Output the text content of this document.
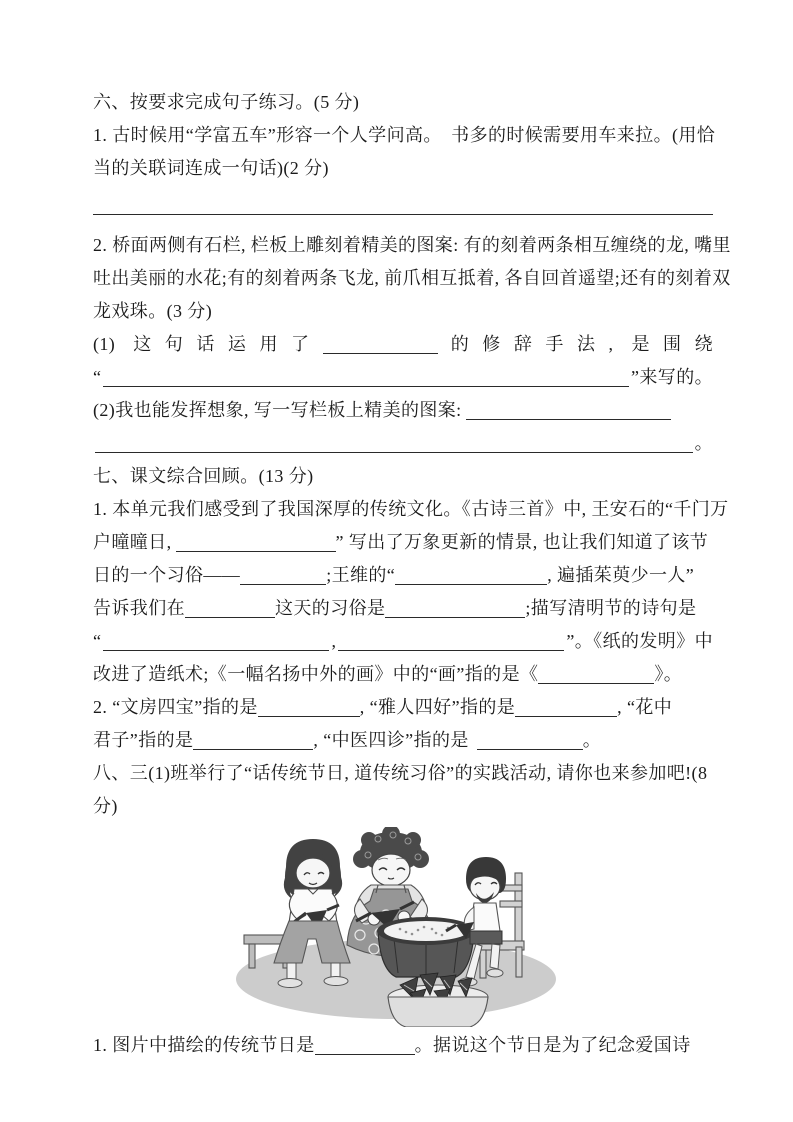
六、按要求完成句子练习。(5 分)
1. 古时候用“学富五车”形容一个人学问高。　书多的时候需要用车来拉。(用恰
当的关联词连成一句话)(2 分)
2. 桥面两侧有石栏, 栏板上雕刻着精美的图案: 有的刻着两条相互缠绕的龙, 嘴里
吐出美丽的水花;有的刻着两条飞龙, 前爪相互抵着, 各自回首遥望;还有的刻着双
龙戏珠。(3 分)
(1) 这句话运用了	的修辞手法, 是围绕
“	”来写的。
(2)我也能发挥想象, 写一写栏板上精美的图案:
。
七、课文综合回顾。(13 分)
1. 本单元我们感受到了我国深厚的传统文化。《古诗三首》中, 王安石的“千门万
户曈曈日,	” 写出了万象更新的情景, 也让我们知道了该节
日的一个习俗——	;王维的“	, 遍插茱萸少一人”
告诉我们在	这天的习俗是	;描写清明节的诗句是
“	,	”。《纸的发明》中
改进了造纸术;《一幅名扬中外的画》中的“画”指的是《	》。
2. “文房四宝”指的是	, “雅人四好”指的是	, “花中
君子”指的是	, “中医四诊”指的是	。
八、三(1)班举行了“话传统节日, 道传统习俗”的实践活动, 请你也来参加吧!(8
分)
1. 图片中描绘的传统节日是	。据说这个节日是为了纪念爱国诗
